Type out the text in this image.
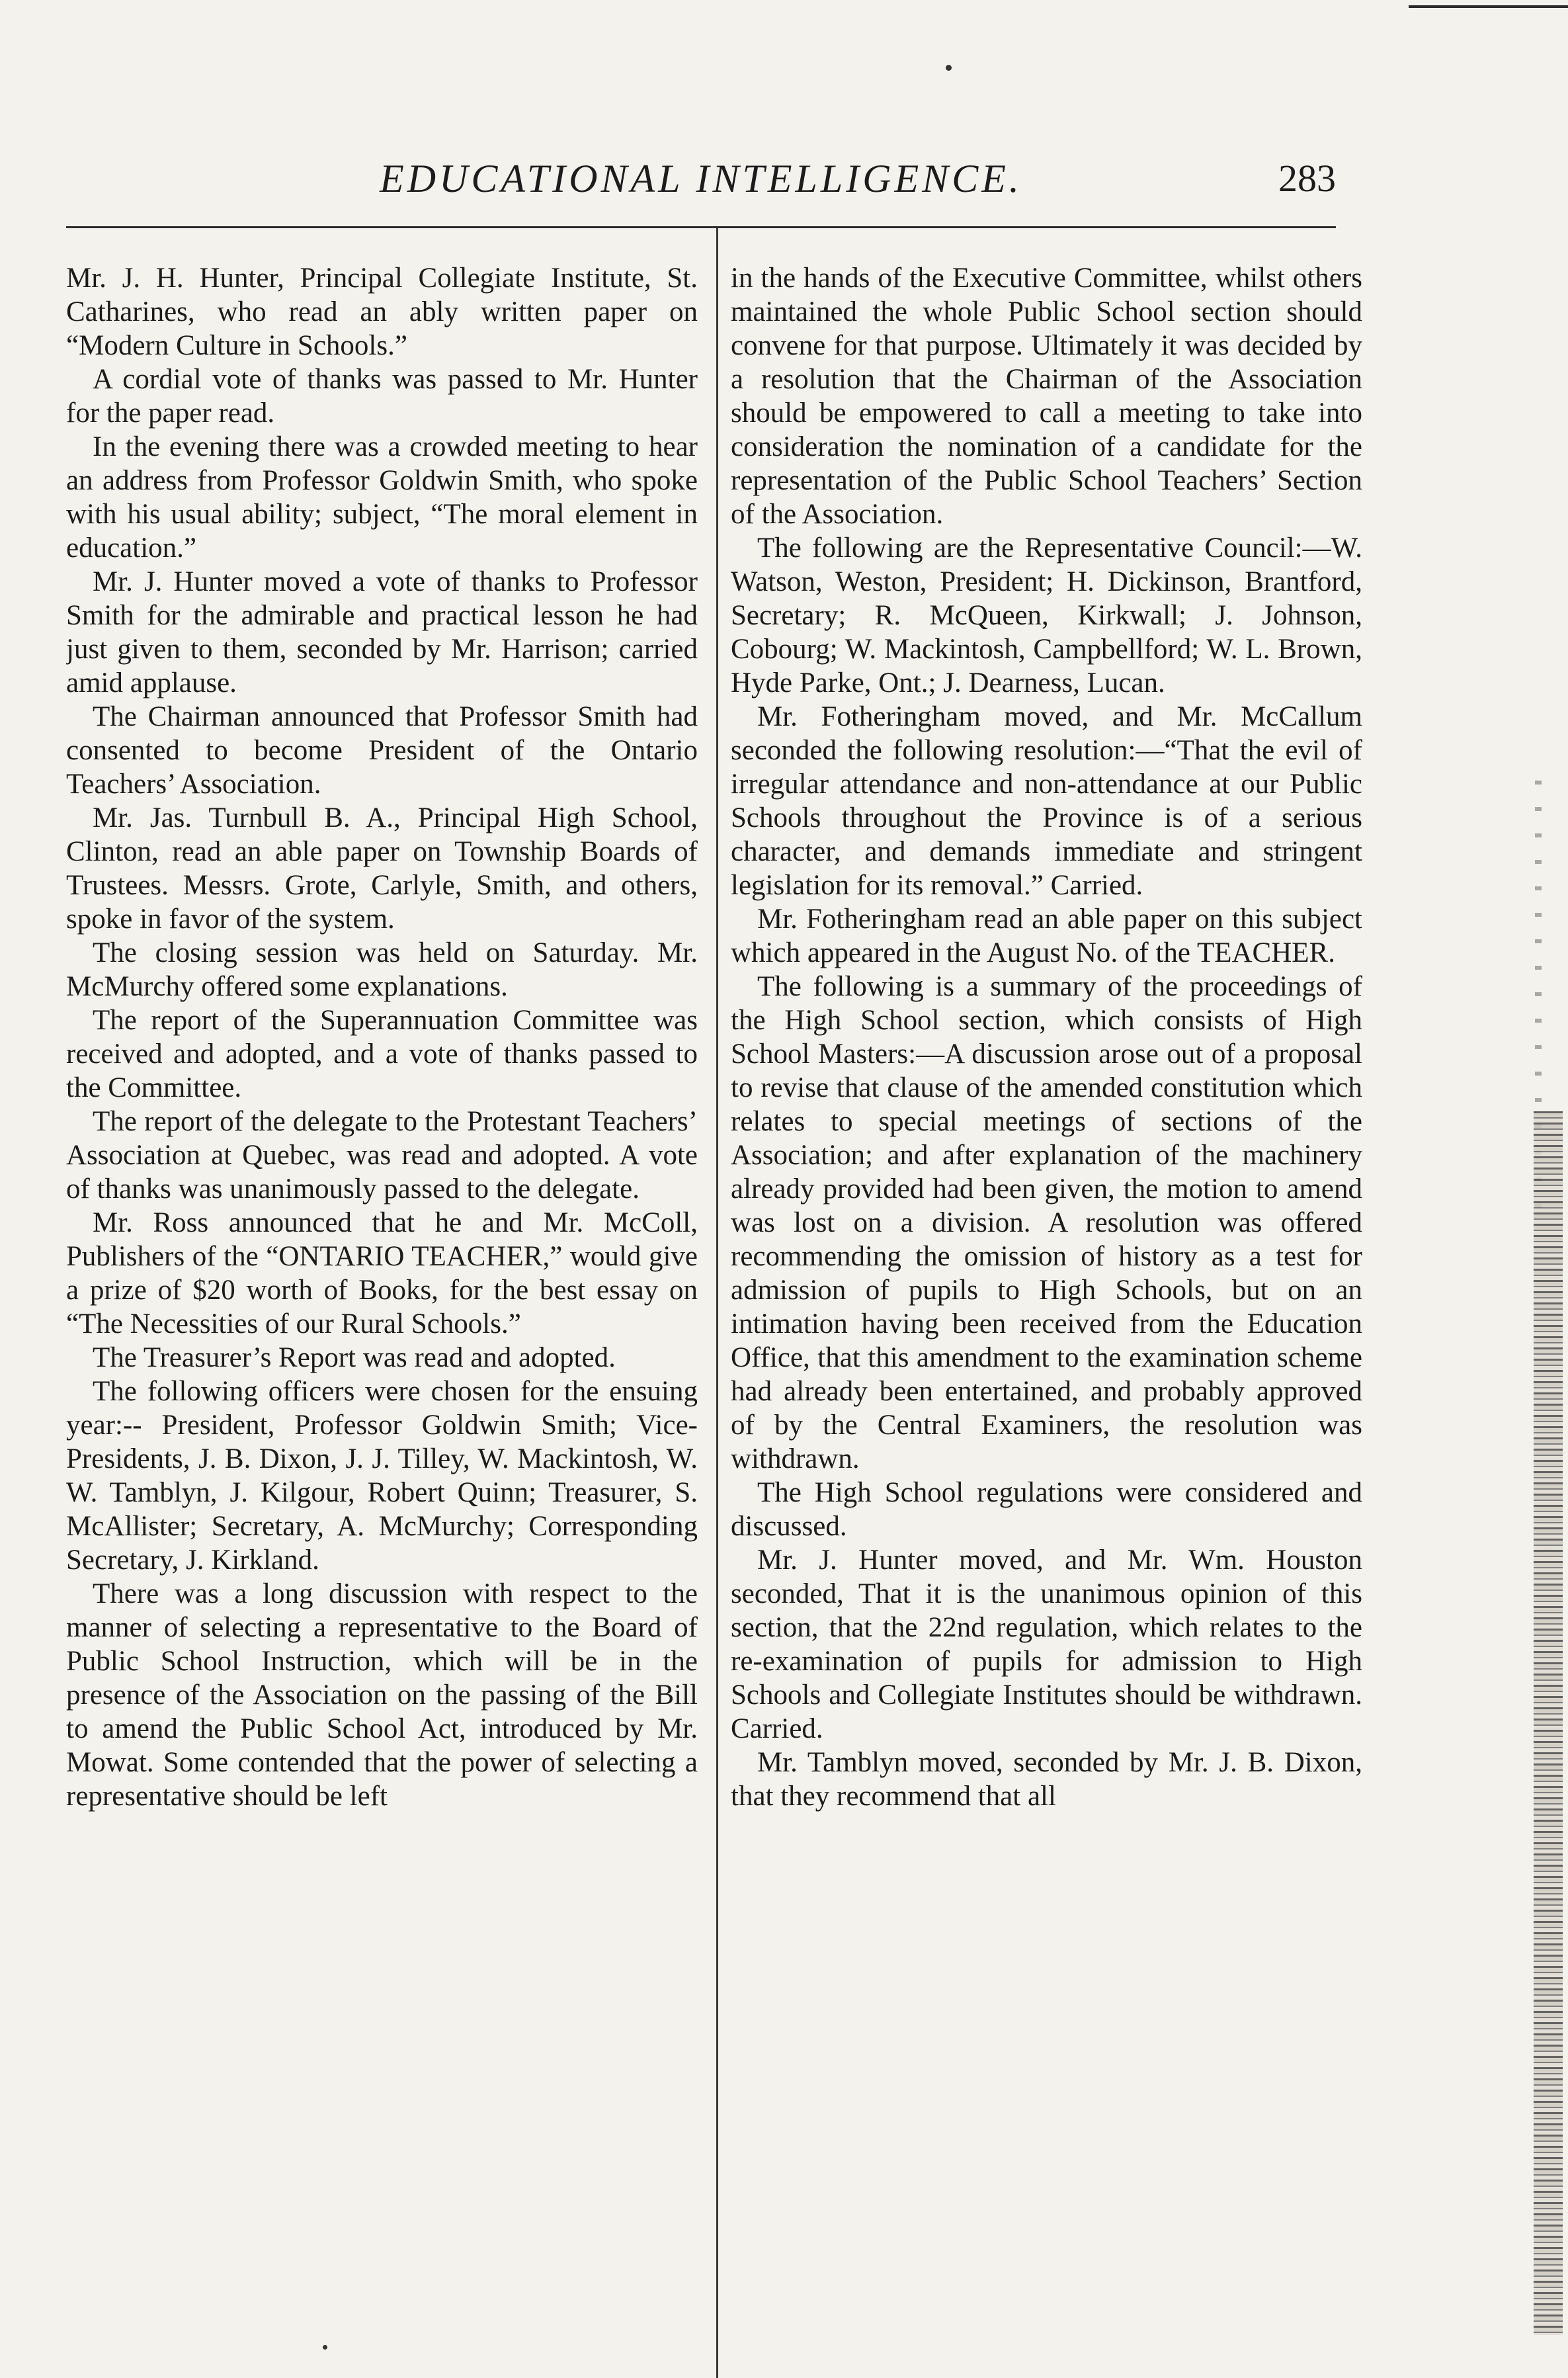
EDUCATIONAL INTELLIGENCE.	283

Mr. J. H. Hunter, Principal Collegiate Institute, St. Catharines, who read an ably written paper on “Modern Culture in Schools.”

A cordial vote of thanks was passed to Mr. Hunter for the paper read.

In the evening there was a crowded meeting to hear an address from Professor Goldwin Smith, who spoke with his usual ability; subject, “The moral element in education.”

Mr. J. Hunter moved a vote of thanks to Professor Smith for the admirable and practical lesson he had just given to them, seconded by Mr. Harrison; carried amid applause.

The Chairman announced that Professor Smith had consented to become President of the Ontario Teachers’ Association.

Mr. Jas. Turnbull B. A., Principal High School, Clinton, read an able paper on Township Boards of Trustees. Messrs. Grote, Carlyle, Smith, and others, spoke in favor of the system.

The closing session was held on Saturday. Mr. McMurchy offered some explanations.

The report of the Superannuation Committee was received and adopted, and a vote of thanks passed to the Committee.

The report of the delegate to the Protestant Teachers’ Association at Quebec, was read and adopted. A vote of thanks was unanimously passed to the delegate.

Mr. Ross announced that he and Mr. McColl, Publishers of the “ONTARIO TEACHER,” would give a prize of $20 worth of Books, for the best essay on “The Necessities of our Rural Schools.”

The Treasurer’s Report was read and adopted.

The following officers were chosen for the ensuing year:-- President, Professor Goldwin Smith; Vice-Presidents, J. B. Dixon, J. J. Tilley, W. Mackintosh, W. W. Tamblyn, J. Kilgour, Robert Quinn; Treasurer, S. McAllister; Secretary, A. McMurchy; Corresponding Secretary, J. Kirkland.

There was a long discussion with respect to the manner of selecting a representative to the Board of Public School Instruction, which will be in the presence of the Association on the passing of the Bill to amend the Public School Act, introduced by Mr. Mowat. Some contended that the power of selecting a representative should be left

in the hands of the Executive Committee, whilst others maintained the whole Public School section should convene for that purpose. Ultimately it was decided by a resolution that the Chairman of the Association should be empowered to call a meeting to take into consideration the nomination of a candidate for the representation of the Public School Teachers’ Section of the Association.

The following are the Representative Council:—W. Watson, Weston, President; H. Dickinson, Brantford, Secretary; R. McQueen, Kirkwall; J. Johnson, Cobourg; W. Mackintosh, Campbellford; W. L. Brown, Hyde Parke, Ont.; J. Dearness, Lucan.

Mr. Fotheringham moved, and Mr. McCallum seconded the following resolution:—“That the evil of irregular attendance and non-attendance at our Public Schools throughout the Province is of a serious character, and demands immediate and stringent legislation for its removal.” Carried.

Mr. Fotheringham read an able paper on this subject which appeared in the August No. of the TEACHER.

The following is a summary of the proceedings of the High School section, which consists of High School Masters:—A discussion arose out of a proposal to revise that clause of the amended constitution which relates to special meetings of sections of the Association; and after explanation of the machinery already provided had been given, the motion to amend was lost on a division. A resolution was offered recommending the omission of history as a test for admission of pupils to High Schools, but on an intimation having been received from the Education Office, that this amendment to the examination scheme had already been entertained, and probably approved of by the Central Examiners, the resolution was withdrawn.

The High School regulations were considered and discussed.

Mr. J. Hunter moved, and Mr. Wm. Houston seconded, That it is the unanimous opinion of this section, that the 22nd regulation, which relates to the re-examination of pupils for admission to High Schools and Collegiate Institutes should be withdrawn. Carried.

Mr. Tamblyn moved, seconded by Mr. J. B. Dixon, that they recommend that all
